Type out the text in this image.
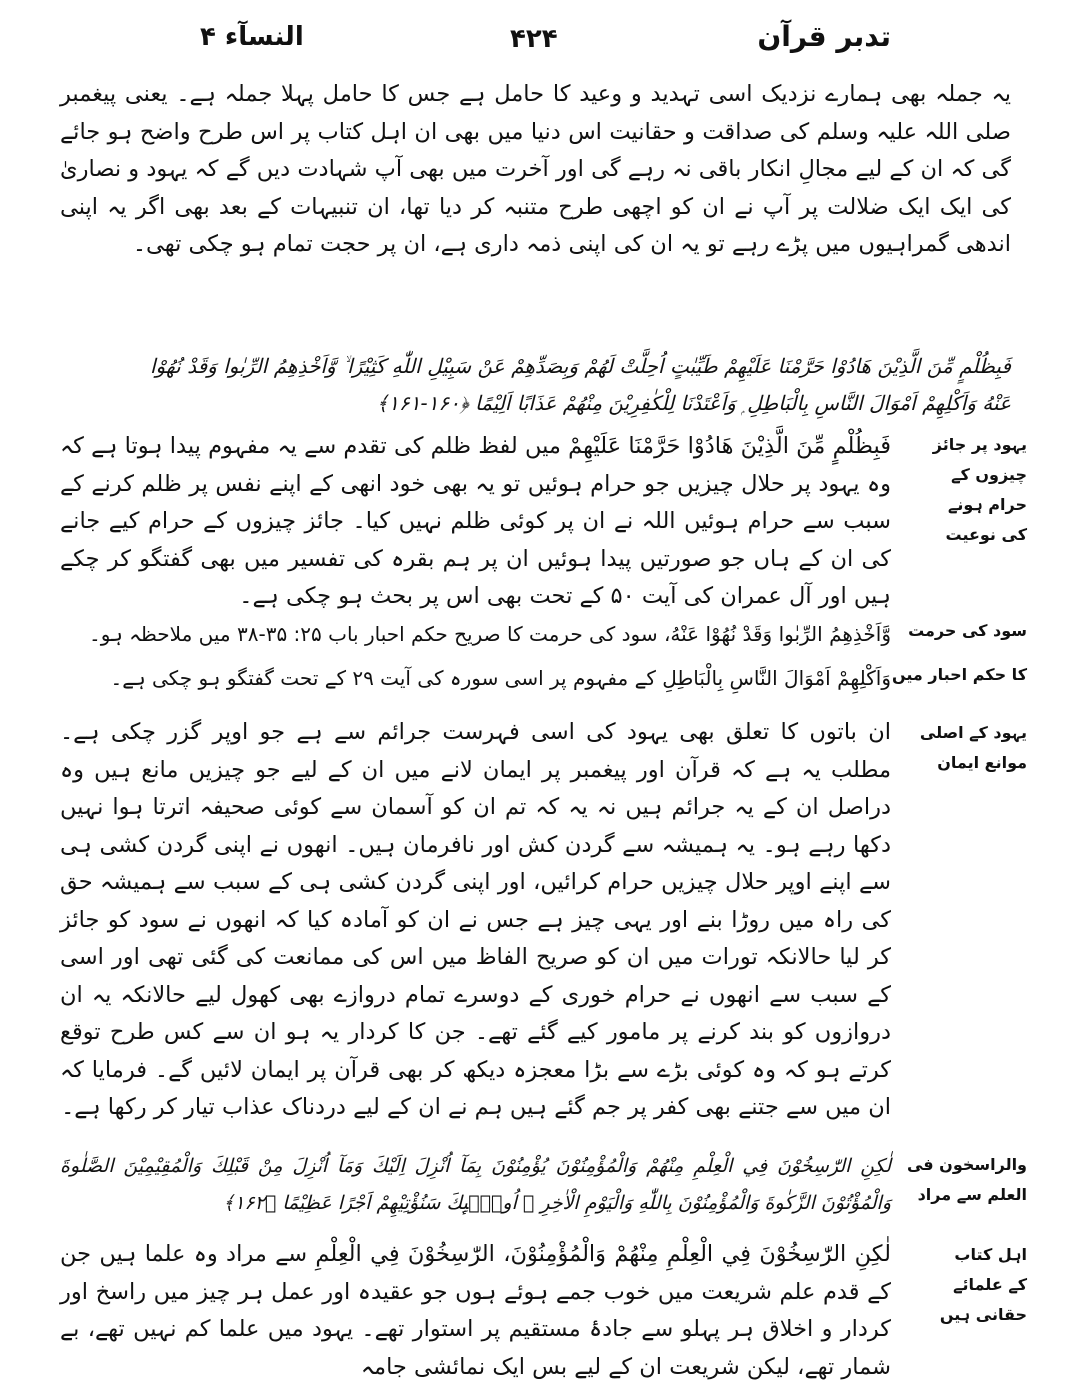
النسآء ۴	۴۲۴	تدبر قرآن
یہ جملہ بھی ہمارے نزدیک اسی تہدید و وعید کا حامل ہے جس کا حامل پہلا جملہ ہے۔ یعنی پیغمبر صلی اللہ علیہ وسلم کی صداقت و حقانیت اس دنیا میں بھی ان اہل کتاب پر اس طرح واضح ہو جائے گی کہ ان کے لیے مجالِ انکار باقی نہ رہے گی اور آخرت میں بھی آپ شہادت دیں گے کہ یہود و نصاریٰ کی ایک ایک ضلالت پر آپ نے ان کو اچھی طرح متنبہ کر دیا تھا، ان تنبیہات کے بعد بھی اگر یہ اپنی اندھی گمراہیوں میں پڑے رہے تو یہ ان کی اپنی ذمہ داری ہے، ان پر حجت تمام ہو چکی تھی۔
فَبِظُلْمٍ مِّنَ الَّذِيْنَ هَادُوْا حَرَّمْنَا عَلَيْهِمْ طَيِّبٰتٍ اُحِلَّتْ لَهُمْ وَبِصَدِّهِمْ عَنْ سَبِيْلِ اللّٰهِ كَثِيْرًا ۙ وَّاَخْذِهِمُ الرِّبٰوا وَقَدْ نُهُوْا عَنْهُ وَاَكْلِهِمْ اَمْوَالَ النَّاسِ بِالْبَاطِلِ ۭ وَاَعْتَدْنَا لِلْكٰفِرِيْنَ مِنْهُمْ عَذَابًا اَلِيْمًا ﴿۱۶۰-۱۶۱﴾
یہود پر جائز
چیزوں کے
حرام ہونے
کی نوعیت
سود کی حرمت
کا حکم احبار میں
یہود کے اصلی
موانع ایمان
والراسخون فی
العلم سے مراد
اہل کتاب
کے علمائے
حقانی ہیں
فَبِظُلْمٍ مِّنَ الَّذِيْنَ هَادُوْا حَرَّمْنَا عَلَيْهِمْ میں لفظ ظلم کی تقدم سے یہ مفہوم پیدا ہوتا ہے کہ وہ یہود پر حلال چیزیں جو حرام ہوئیں تو یہ بھی خود انھی کے اپنے نفس پر ظلم کرنے کے سبب سے حرام ہوئیں اللہ نے ان پر کوئی ظلم نہیں کیا۔ جائز چیزوں کے حرام کیے جانے کی ان کے ہاں جو صورتیں پیدا ہوئیں ان پر ہم بقرہ کی تفسیر میں بھی گفتگو کر چکے ہیں اور آل عمران کی آیت ۵۰ کے تحت بھی اس پر بحث ہو چکی ہے۔
وَّاَخْذِهِمُ الرِّبٰوا وَقَدْ نُهُوْا عَنْهُ، سود کی حرمت کا صریح حکم احبار باب ۲۵: ۳۵-۳۸ میں ملاحظہ ہو۔
وَاَكْلِهِمْ اَمْوَالَ النَّاسِ بِالْبَاطِلِ کے مفہوم پر اسی سورہ کی آیت ۲۹ کے تحت گفتگو ہو چکی ہے۔
ان باتوں کا تعلق بھی یہود کی اسی فہرست جرائم سے ہے جو اوپر گزر چکی ہے۔ مطلب یہ ہے کہ قرآن اور پیغمبر پر ایمان لانے میں ان کے لیے جو چیزیں مانع ہیں وہ دراصل ان کے یہ جرائم ہیں نہ یہ کہ تم ان کو آسمان سے کوئی صحیفہ اترتا ہوا نہیں دکھا رہے ہو۔ یہ ہمیشہ سے گردن کش اور نافرمان ہیں۔ انھوں نے اپنی گردن کشی ہی سے اپنے اوپر حلال چیزیں حرام کرائیں، اور اپنی گردن کشی ہی کے سبب سے ہمیشہ حق کی راہ میں روڑا بنے اور یہی چیز ہے جس نے ان کو آمادہ کیا کہ انھوں نے سود کو جائز کر لیا حالانکہ تورات میں ان کو صریح الفاظ میں اس کی ممانعت کی گئی تھی اور اسی کے سبب سے انھوں نے حرام خوری کے دوسرے تمام دروازے بھی کھول لیے حالانکہ یہ ان دروازوں کو بند کرنے پر مامور کیے گئے تھے۔ جن کا کردار یہ ہو ان سے کس طرح توقع کرتے ہو کہ وہ کوئی بڑے سے بڑا معجزہ دیکھ کر بھی قرآن پر ایمان لائیں گے۔ فرمایا کہ ان میں سے جتنے بھی کفر پر جم گئے ہیں ہم نے ان کے لیے دردناک عذاب تیار کر رکھا ہے۔
لٰكِنِ الرّٰسِخُوْنَ فِي الْعِلْمِ مِنْهُمْ وَالْمُؤْمِنُوْنَ يُؤْمِنُوْنَ بِمَآ اُنْزِلَ اِلَيْكَ وَمَآ اُنْزِلَ مِنْ قَبْلِكَ وَالْمُقِيْمِيْنَ الصَّلٰوةَ وَالْمُؤْتُوْنَ الزَّكٰوةَ وَالْمُؤْمِنُوْنَ بِاللّٰهِ وَالْيَوْمِ الْاٰخِرِ ۭ اُولٰۗىِٕكَ سَنُؤْتِيْهِمْ اَجْرًا عَظِيْمًا ﴿۱۶۲﴾
لٰكِنِ الرّٰسِخُوْنَ فِي الْعِلْمِ مِنْهُمْ وَالْمُؤْمِنُوْنَ، الرّٰسِخُوْنَ فِي الْعِلْمِ سے مراد وہ علما ہیں جن کے قدم علم شریعت میں خوب جمے ہوئے ہوں جو عقیدہ اور عمل ہر چیز میں راسخ اور کردار و اخلاق ہر پہلو سے جادۂ مستقیم پر استوار تھے۔ یہود میں علما کم نہیں تھے، بے شمار تھے، لیکن شریعت ان کے لیے بس ایک نمائشی جامہ
